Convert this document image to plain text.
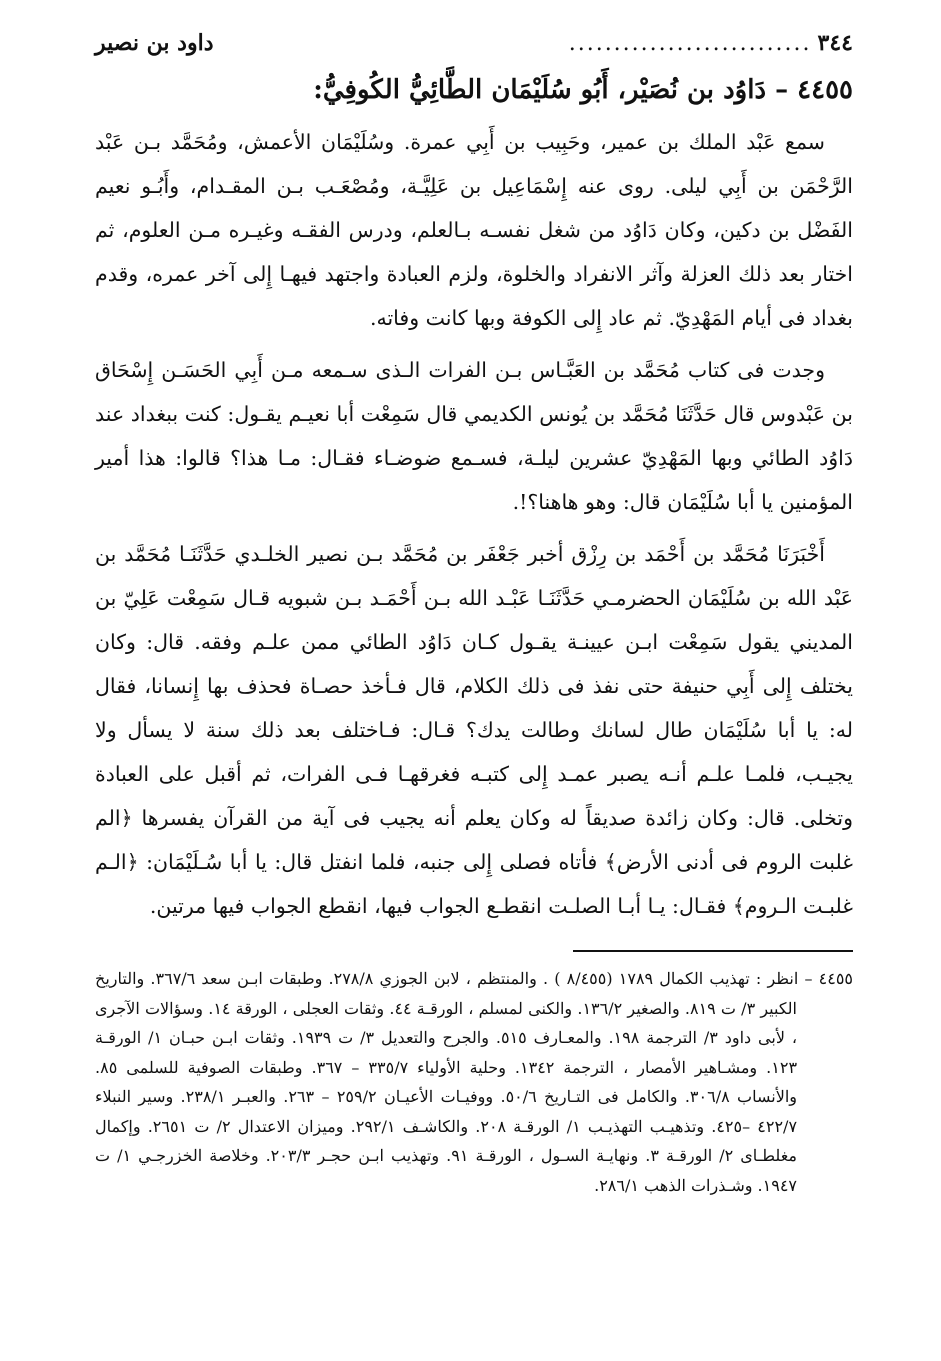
٣٤٤
...........................
داود بن نصير
٤٤٥٥ – دَاوُد بن نُصَيْر، أَبُو سُلَيْمَان الطَّائِيُّ الكُوفِيُّ:

سمع عَبْد الملك بن عمير، وحَبِيب بن أَبِي عمرة. وسُلَيْمَان الأعمش، ومُحَمَّد بـن عَبْد الرَّحْمَن بن أَبِي ليلى. روى عنه إِسْمَاعِيل بن عَلِيَّـة، ومُصْعَـب بـن المقـدام، وأَبُـو نعيم الفَضْل بن دكين، وكان دَاوُد من شغل نفسـه بـالعلم، ودرس الفقـه وغيـره مـن العلوم، ثم اختار بعد ذلك العزلة وآثر الانفراد والخلوة، ولزم العبادة واجتهد فيهـا إِلى آخر عمره، وقدم بغداد فى أيام المَهْدِيّ. ثم عاد إِلى الكوفة وبها كانت وفاته.

وجدت فى كتاب مُحَمَّد بن العَبَّـاس بـن الفرات الـذى سـمعه مـن أَبِي الحَسَـن إِسْحَاق بن عَبْدوس قال حَدَّثَنَا مُحَمَّد بن يُونس الكديمي قال سَمِعْت أبا نعيـم يقـول: كنت ببغداد عند دَاوُد الطائي وبها المَهْدِيّ عشرين ليلـة، فسـمع ضوضـاء فقـال: مـا هذا؟ قالوا: هذا أمير المؤمنين يا أبا سُلَيْمَان قال: وهو هاهنا؟!.

أَخْبَرَنَا مُحَمَّد بن أَحْمَد بن رِزْق أخبر جَعْفَر بن مُحَمَّد بـن نصير الخلـدي حَدَّثَنَـا مُحَمَّد بن عَبْد الله بن سُلَيْمَان الحضرمـي حَدَّثَنَـا عَبْـد الله بـن أَحْمَـد بـن شبويه قـال سَمِعْت عَلِيّ بن المديني يقول سَمِعْت ابـن عيينـة يقـول كـان دَاوُد الطائي ممن علـم وفقه. قال: وكان يختلف إِلى أَبِي حنيفة حتى نفذ فى ذلك الكلام، قال فـأخذ حصـاة فحذف بها إِنسانا، فقال له: يا أبا سُلَيْمَان طال لسانك وطالت يدك؟ قـال: فـاختلف بعد ذلك سنة لا يسأل ولا يجيـب، فلمـا علـم أنـه يصبر عمـد إِلى كتبـه فغرقهـا فـى الفرات، ثم أقبل على العبادة وتخلى. قال: وكان زائدة صديقاً له وكان يعلم أنه يجيب فى آية من القرآن يفسرها ﴿الم غلبت الروم فى أدنى الأرض﴾ فأتاه فصلى إِلى جنبه، فلما انفتل قال: يا أبا سُـلَيْمَان: ﴿الـم غلبـت الـروم﴾ فقـال: يـا أبـا الصلـت انقطـع الجواب فيها، انقطع الجواب فيها مرتين.

٤٤٥٥ – انظر : تهذيب الكمال ١٧٨٩ (٨/٤٥٥ ) . والمنتظم ، لابن الجوزي ٢٧٨/٨. وطبقات ابـن سعد ٣٦٧/٦. والتاريخ الكبير ٣/ ت ٨١٩. والصغير ١٣٦/٢. والكنى لمسلم ، الورقـة ٤٤. وثقات العجلى ، الورقة ١٤. وسؤالات الآجرى ، لأبى داود ٣/ الترجمة ١٩٨. والمعـارف ٥١٥. والجرح والتعديل ٣/ ت ١٩٣٩. وثقات ابـن حبـان ١/ الورقـة ١٢٣. ومشـاهير الأمصار ، الترجمة ١٣٤٢. وحلية الأولياء ٣٣٥/٧ – ٣٦٧. وطبقات الصوفية للسلمى ٨٥. والأنساب ٣٠٦/٨. والكامل فى التـاريخ ٥٠/٦. ووفيـات الأعيـان ٢٥٩/٢ – ٢٦٣. والعبـر ٢٣٨/١. وسير النبلاء ٤٢٢/٧ –٤٢٥. وتذهيـب التهذيـب ١/ الورقـة ٢٠٨. والكاشـف ٢٩٢/١. وميزان الاعتدال ٢/ ت ٢٦٥١. وإكمال مغلطـاى ٢/ الورقـة ٣. ونهايـة السـول ، الورقـة ٩١. وتهذيب ابـن حجـر ٢٠٣/٣. وخلاصة الخزرجـي ١/ ت ١٩٤٧. وشـذرات الذهب ٢٨٦/١.
